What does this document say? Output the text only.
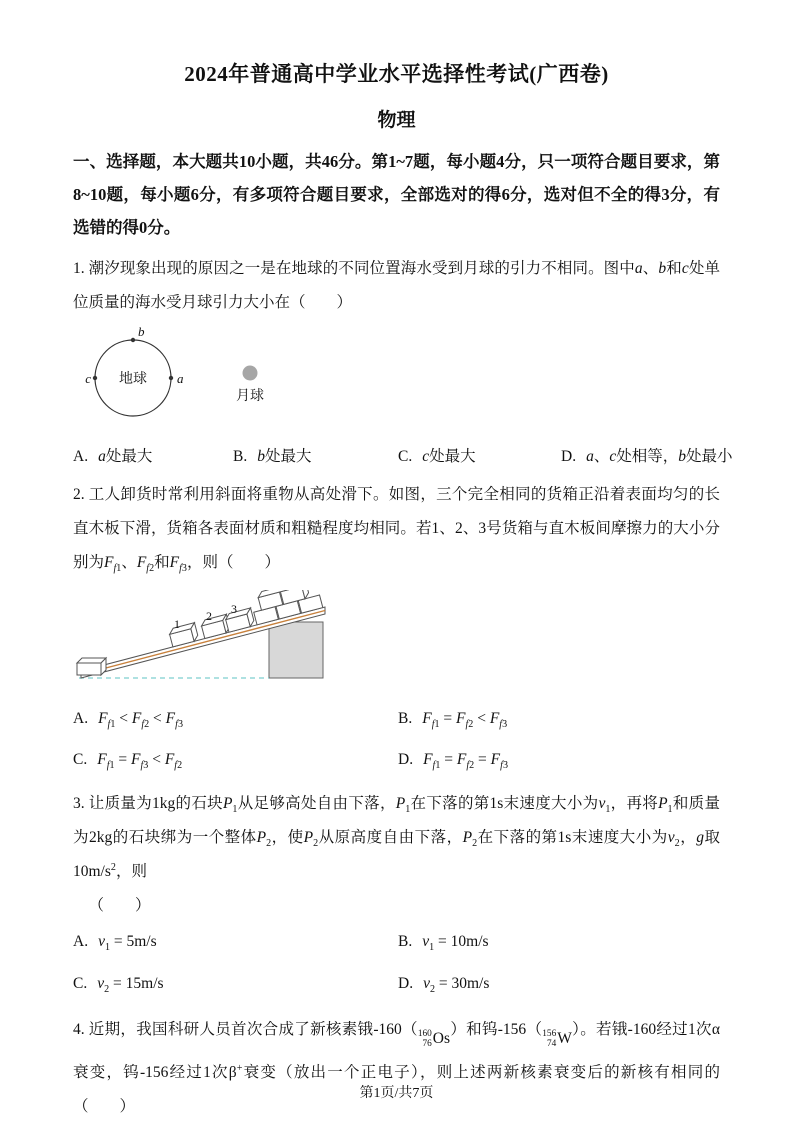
2024年普通高中学业水平选择性考试(广西卷)
物理

一、选择题，本大题共10小题，共46分。第1~7题，每小题4分，只一项符合题目要求，第8~10题，每小题6分，有多项符合题目要求，全部选对的得6分，选对但不全的得3分，有选错的得0分。

1. 潮汐现象出现的原因之一是在地球的不同位置海水受到月球的引力不相同。图中a、b和c处单位质量的海水受月球引力大小在（  ）

地球
b
a
c
月球
A. a处最大	B. b处最大	C. c处最大	D. a、c处相等，b处最小

2. 工人卸货时常利用斜面将重物从高处滑下。如图，三个完全相同的货箱正沿着表面均匀的长直木板下滑，货箱各表面材质和粗糙程度均相同。若1、2、3号货箱与直木板间摩擦力的大小分别为$F_{f1}$、$F_{f2}$和$F_{f3}$，则（  ）

1
2 3
A. $F_{f1} < F_{f2} < F_{f3}$	B. $F_{f1} = F_{f2} < F_{f3}$
C. $F_{f1} = F_{f3} < F_{f2}$	D. $F_{f1} = F_{f2} = F_{f3}$

3. 让质量为1kg的石块$P_1$从足够高处自由下落，$P_1$在下落的第1s末速度大小为$v_1$，再将$P_1$和质量为2kg的石块绑为一个整体$P_2$，使$P_2$从原高度自由下落，$P_2$在下落的第1s末速度大小为$v_2$，g取$10m/s^2$，则
 （  ）

A. $v_1 = 5m/s$	B. $v_1 = 10m/s$
C. $v_2 = 15m/s$	D. $v_2 = 30m/s$

4. 近期，我国科研人员首次合成了新核素锇-160（ 160
76 Os
）和钨-156（ 156
74 W
）。若锇-160经过1次α衰变，钨-156经过1次β+衰变（放出一个正电子），则上述两新核素衰变后的新核有相同的（  ）

第1页/共7页
